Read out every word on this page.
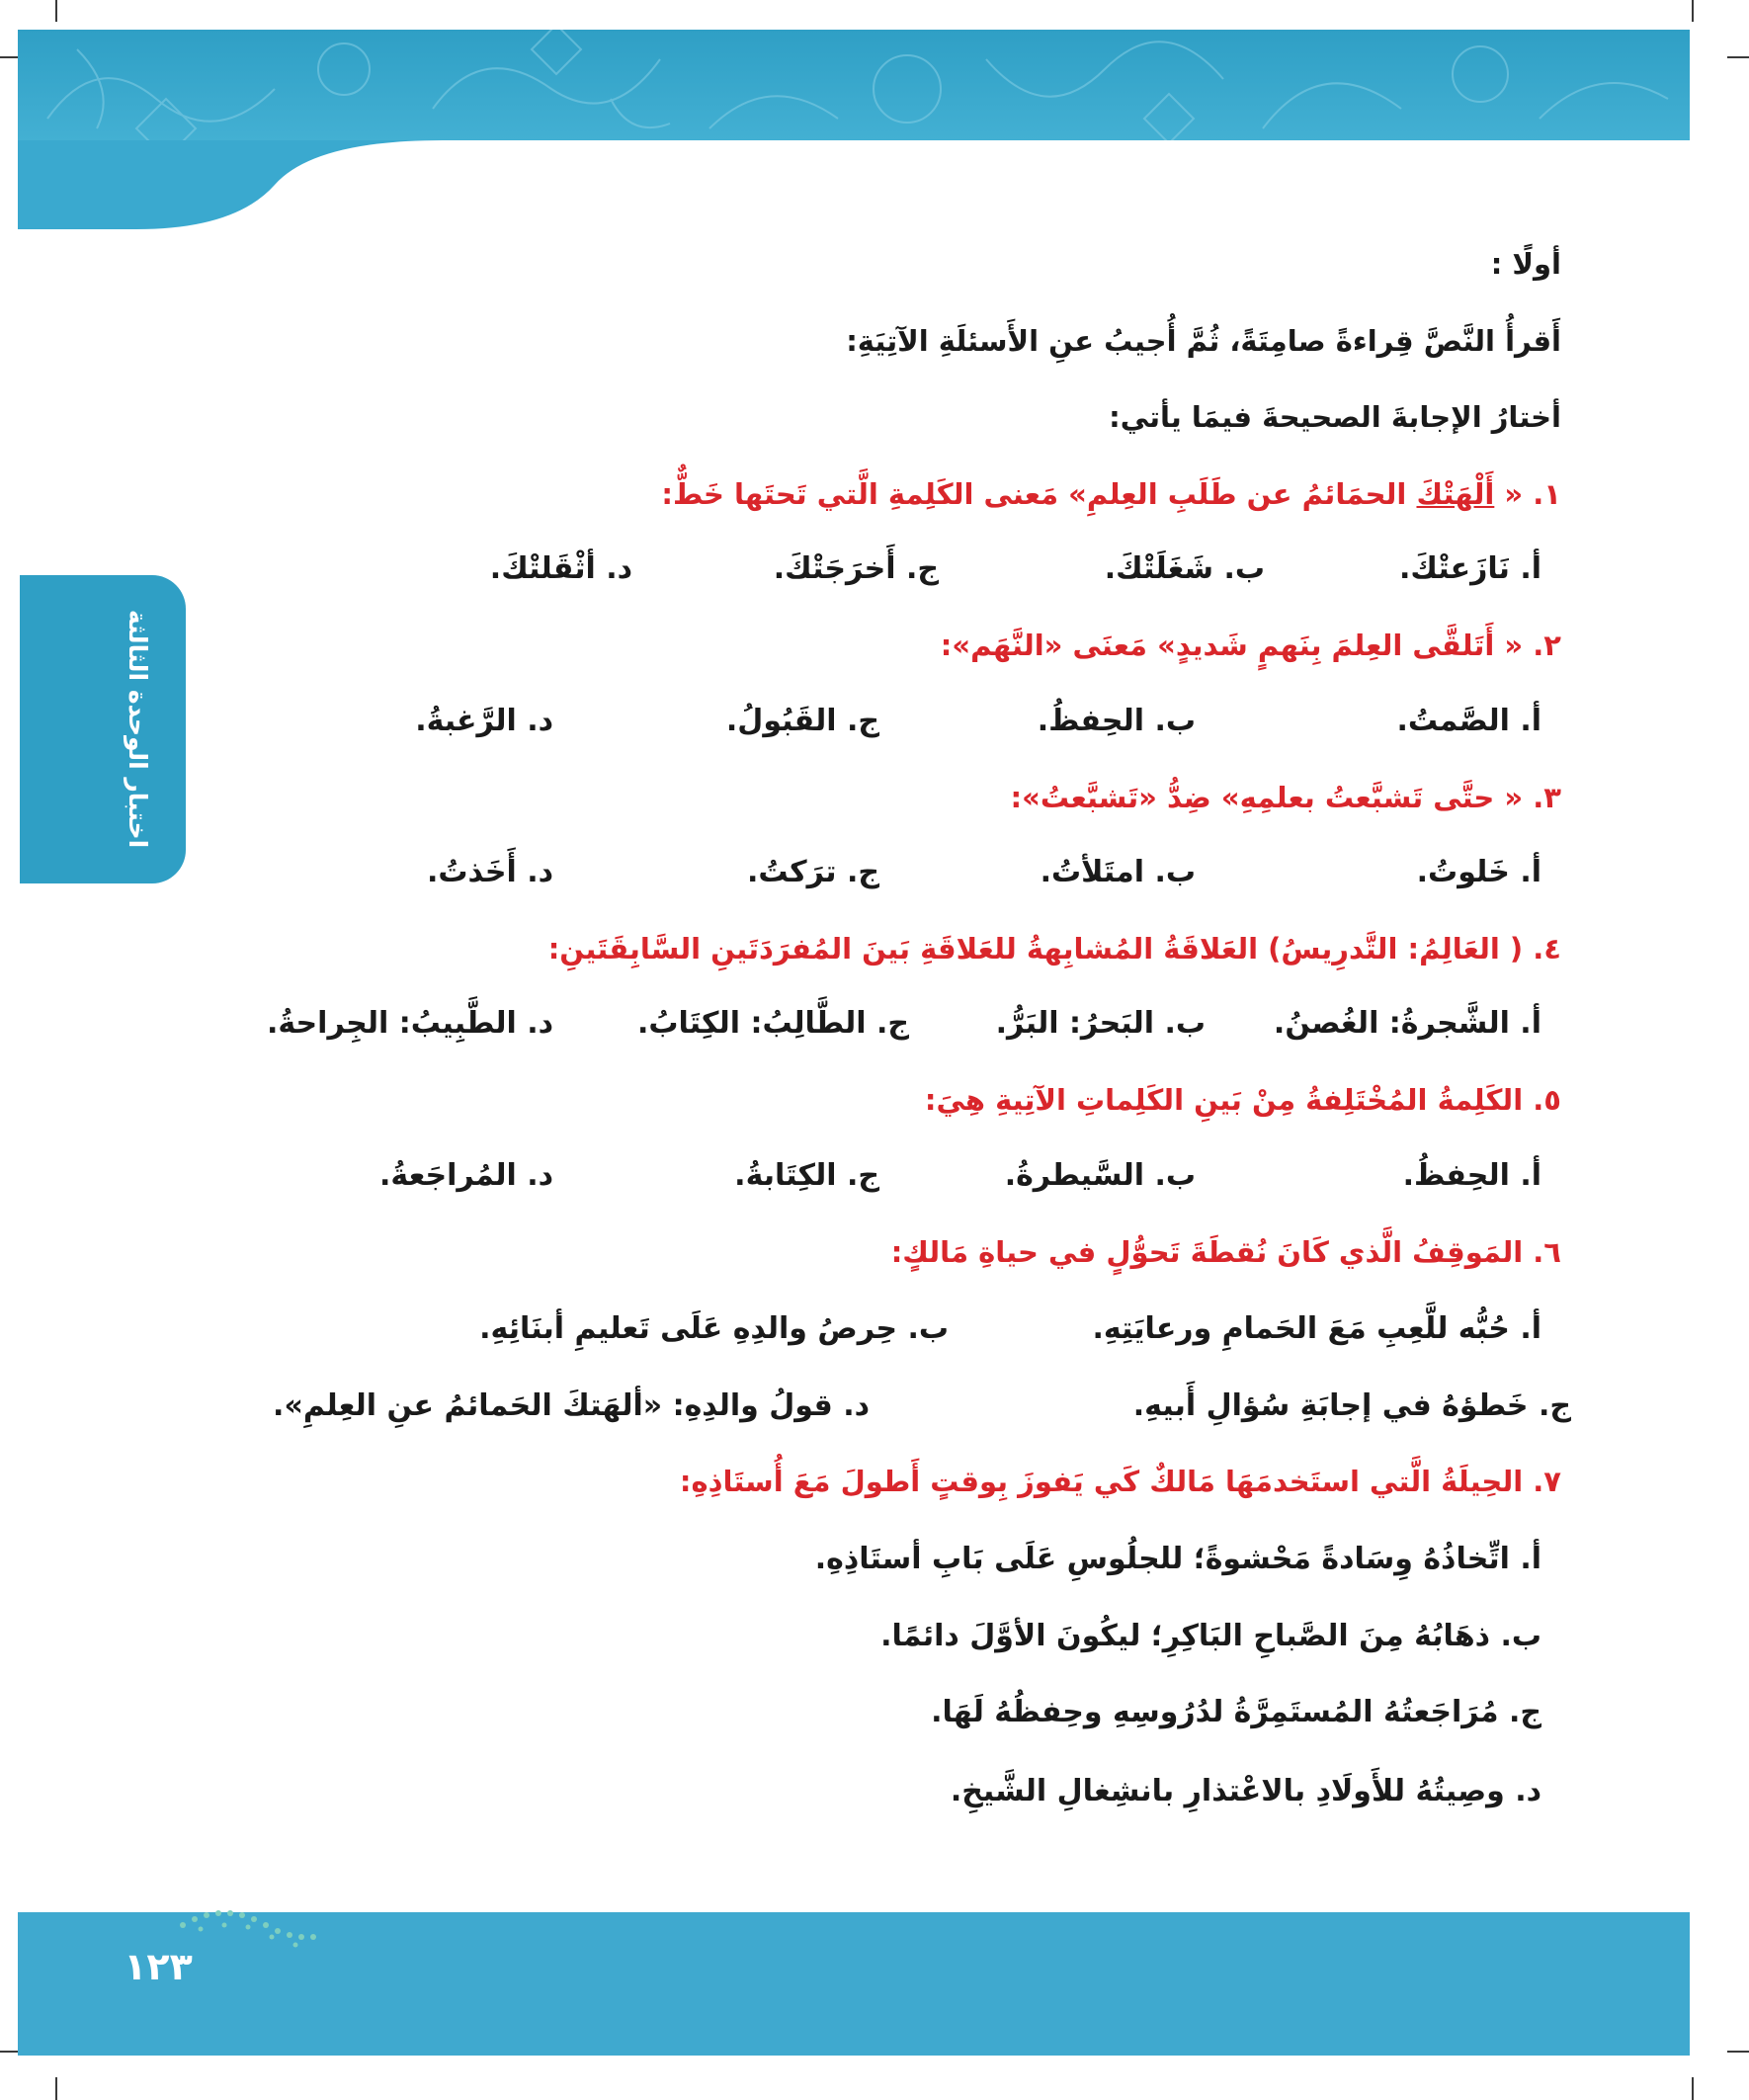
اختبار الوحدة الثالثة
أولًا :
أَقرأُ النَّصَّ قِراءةً صامِتَةً، ثُمَّ أُجيبُ عنِ الأَسئلَةِ الآتِيَةِ:
أختارُ الإجابةَ الصحيحةَ فيمَا يأتي:
١. « أَلْهَتْكَ الحمَائمُ عن طَلَبِ العِلمِ» مَعنى الكَلِمةِ الَّتي تَحتَها خَطٌّ:
أ. نَازَعتْكَ.
ب. شَغَلَتْكَ.
ج. أَخرَجَتْكَ.
د. أثْقَلتْكَ.
٢. « أَتَلقَّى العِلمَ بِنَهمٍ شَديدٍ» مَعنَى «النَّهَم»:
أ. الصَّمتُ.
ب. الحِفظُ.
ج. القَبُولُ.
د. الرَّغبةُ.
٣. « حتَّى تَشبَّعتُ بعلمِهِ» ضِدُّ «تَشبَّعتُ»:
أ. خَلوتُ.
ب. امتَلأتُ.
ج. ترَكتُ.
د. أَخَذتُ.
٤. ( العَالِمُ: التَّدرِيسُ) العَلاقَةُ المُشابِهةُ للعَلاقَةِ بَينَ المُفرَدَتَينِ السَّابِقَتَينِ:
أ. الشَّجرةُ: الغُصنُ.
ب. البَحرُ: البَرُّ.
ج. الطَّالِبُ: الكِتَابُ.
د. الطَّبِيبُ: الجِراحةُ.
٥. الكَلِمةُ المُخْتَلِفةُ مِنْ بَينِ الكَلِماتِ الآتِيةِ هِيَ:
أ. الحِفظُ.
ب. السَّيطرةُ.
ج. الكِتَابةُ.
د. المُراجَعةُ.
٦. المَوقِفُ الَّذي كَانَ نُقطَةَ تَحوُّلٍ في حياةِ مَالكٍ:
أ. حُبُّه للَّعِبِ مَعَ الحَمامِ ورعايَتِهِ.
ب. حِرصُ والدِهِ عَلَى تَعليمِ أبنَائِهِ.
ج. خَطؤهُ في إجابَةِ سُؤالِ أَبيهِ.
د. قولُ والدِهِ: «ألهَتكَ الحَمائمُ عنِ العِلمِ».
٧. الحِيلَةُ الَّتي استَخدمَهَا مَالكٌ كَي يَفوزَ بِوقتٍ أَطولَ مَعَ أُستَاذِهِ:
أ. اتِّخاذُهُ وِسَادةً مَحْشوةً؛ للجلُوسِ عَلَى بَابِ أستَاذِهِ.
ب. ذهَابُهُ مِنَ الصَّباحِ البَاكِرِ؛ ليكُونَ الأوَّلَ دائمًا.
ج. مُرَاجَعتُهُ المُستَمِرَّةُ لدُرُوسِهِ وحِفظُهُ لَهَا.
د. وصِيتُهُ للأَولَادِ بالاعْتذارِ بانشِغالِ الشَّيخِ.
١٢٣
